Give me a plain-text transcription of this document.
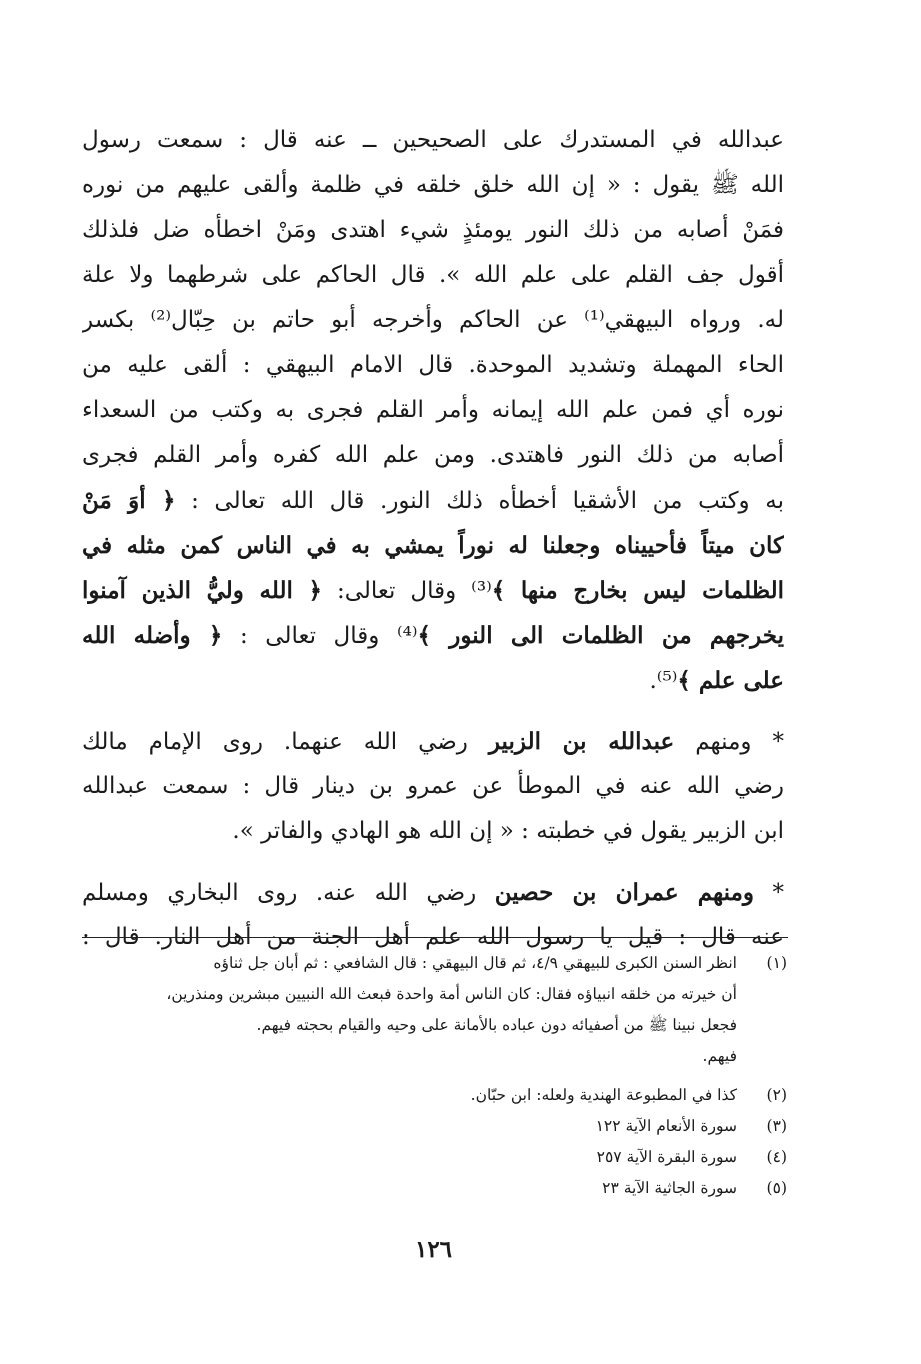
عبدالله في المستدرك على الصحيحين ــ عنه قال : سمعت رسول
الله ﷺ يقول : « إن الله خلق خلقه في ظلمة وألقى عليهم من نوره
فمَنْ أصابه من ذلك النور يومئذٍ شيء اهتدى ومَنْ اخطأه ضل فلذلك
أقول جف القلم على علم الله ». قال الحاكم على شرطهما ولا علة
له. ورواه البيهقي⁽¹⁾ عن الحاكم وأخرجه أبو حاتم بن حِبّال⁽²⁾ بكسر
الحاء المهملة وتشديد الموحدة. قال الامام البيهقي : ألقى عليه من
نوره أي فمن علم الله إيمانه وأمر القلم فجرى به وكتب من السعداء
أصابه من ذلك النور فاهتدى. ومن علم الله كفره وأمر القلم فجرى
به وكتب من الأشقيا أخطأه ذلك النور. قال الله تعالى : ﴿ أوَ مَنْ
كان ميتاً فأحييناه وجعلنا له نوراً يمشي به في الناس كمن مثله في
الظلمات ليس بخارج منها ﴾⁽³⁾ وقال تعالى: ﴿ الله وليُّ الذين آمنوا
يخرجهم من الظلمات الى النور ﴾⁽⁴⁾ وقال تعالى : ﴿ وأضله الله
على علم ﴾⁽⁵⁾.
* ومنهم عبدالله بن الزبير رضي الله عنهما. روى الإمام مالك
رضي الله عنه في الموطأ عن عمرو بن دينار قال : سمعت عبدالله
ابن الزبير يقول في خطبته : « إن الله هو الهادي والفاتر ».
* ومنهم عمران بن حصين رضي الله عنه. روى البخاري ومسلم
عنه قال : قيل يا رسول الله علم أهل الجنة من أهل النار. قال :
(١)
انظر السنن الكبرى للبيهقي ٤/٩، ثم قال البيهقي : قال الشافعي : ثم أبان جل ثناؤه
أن خيرته من خلقه انبياؤه فقال: كان الناس أمة واحدة فبعث الله النبيين مبشرين ومنذرين،
فجعل نبينا ﷺ من أصفيائه دون عباده بالأمانة على وحيه والقيام بحجته فيهم.
فيهم.
(٢)
كذا في المطبوعة الهندية ولعله: ابن حبّان.
(٣)
سورة الأنعام الآية ١٢٢
(٤)
سورة البقرة الآية ٢٥٧
(٥)
سورة الجاثية الآية ٢٣
١٢٦
